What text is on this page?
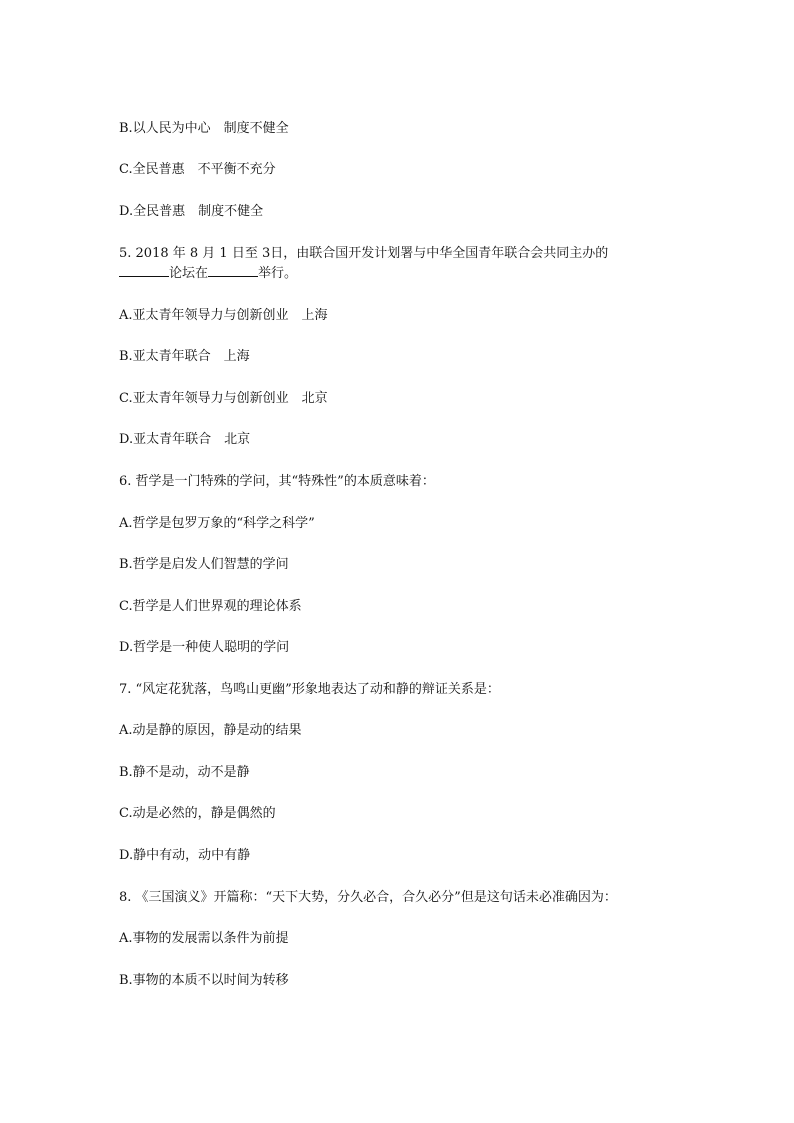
B.以人民为中心　制度不健全
C.全民普惠　不平衡不充分
D.全民普惠　制度不健全
5. 2018 年 8 月 1 日至 3日，由联合国开发计划署与中华全国青年联合会共同主办的
论坛在	举行。
A.亚太青年领导力与创新创业　上海
B.亚太青年联合　上海
C.亚太青年领导力与创新创业　北京
D.亚太青年联合　北京
6. 哲学是一门特殊的学问，其“特殊性”的本质意味着：
A.哲学是包罗万象的“科学之科学”
B.哲学是启发人们智慧的学问
C.哲学是人们世界观的理论体系
D.哲学是一种使人聪明的学问
7. “风定花犹落，鸟鸣山更幽”形象地表达了动和静的辩证关系是：
A.动是静的原因，静是动的结果
B.静不是动，动不是静
C.动是必然的，静是偶然的
D.静中有动，动中有静
8. 《三国演义》开篇称：“天下大势，分久必合，合久必分”但是这句话未必准确因为：
A.事物的发展需以条件为前提
B.事物的本质不以时间为转移
